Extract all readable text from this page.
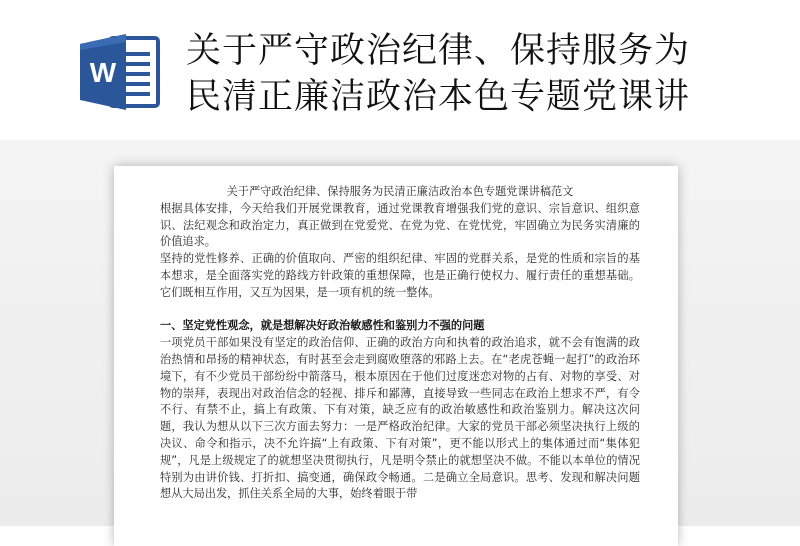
W
关于严守政治纪律、保持服务为
民清正廉洁政治本色专题党课讲

关于严守政治纪律、保持服务为民清正廉洁政治本色专题党课讲稿范文

根据具体安排，今天给我们开展党课教育，通过党课教育增强我们党的意识、宗旨意识、组织意识、法纪观念和政治定力，真正做到在党爱党、在党为党、在党忧党，牢固确立为民务实清廉的价值追求。

坚持的党性修养、正确的价值取向、严密的组织纪律、牢固的党群关系，是党的性质和宗旨的基本想求，是全面落实党的路线方针政策的重想保障，也是正确行使权力、履行责任的重想基础。它们既相互作用，又互为因果，是一项有机的统一整体。

一、坚定党性观念，就是想解决好政治敏感性和鉴别力不强的问题

一项党员干部如果没有坚定的政治信仰、正确的政治方向和执着的政治追求，就不会有饱满的政治热情和昂扬的精神状态，有时甚至会走到腐败堕落的邪路上去。在“老虎苍蝇一起打”的政治环境下，有不少党员干部纷纷中箭落马，根本原因在于他们过度迷恋对物的占有、对物的享受、对物的崇拜，表现出对政治信念的轻视、排斥和鄙薄，直接导致一些同志在政治上想求不严，有令不行、有禁不止，搞上有政策、下有对策，缺乏应有的政治敏感性和政治鉴别力。解决这次问题，我认为想从以下三次方面去努力：一是严格政治纪律。大家的党员干部必须坚决执行上级的决议、命令和指示，决不允许搞“上有政策、下有对策”，更不能以形式上的集体通过而“集体犯规”，凡是上级规定了的就想坚决贯彻执行，凡是明令禁止的就想坚决不做。不能以本单位的情况特别为由讲价钱、打折扣、搞变通，确保政令畅通。二是确立全局意识。思考、发现和解决问题想从大局出发，抓住关系全局的大事，始终着眼于带
